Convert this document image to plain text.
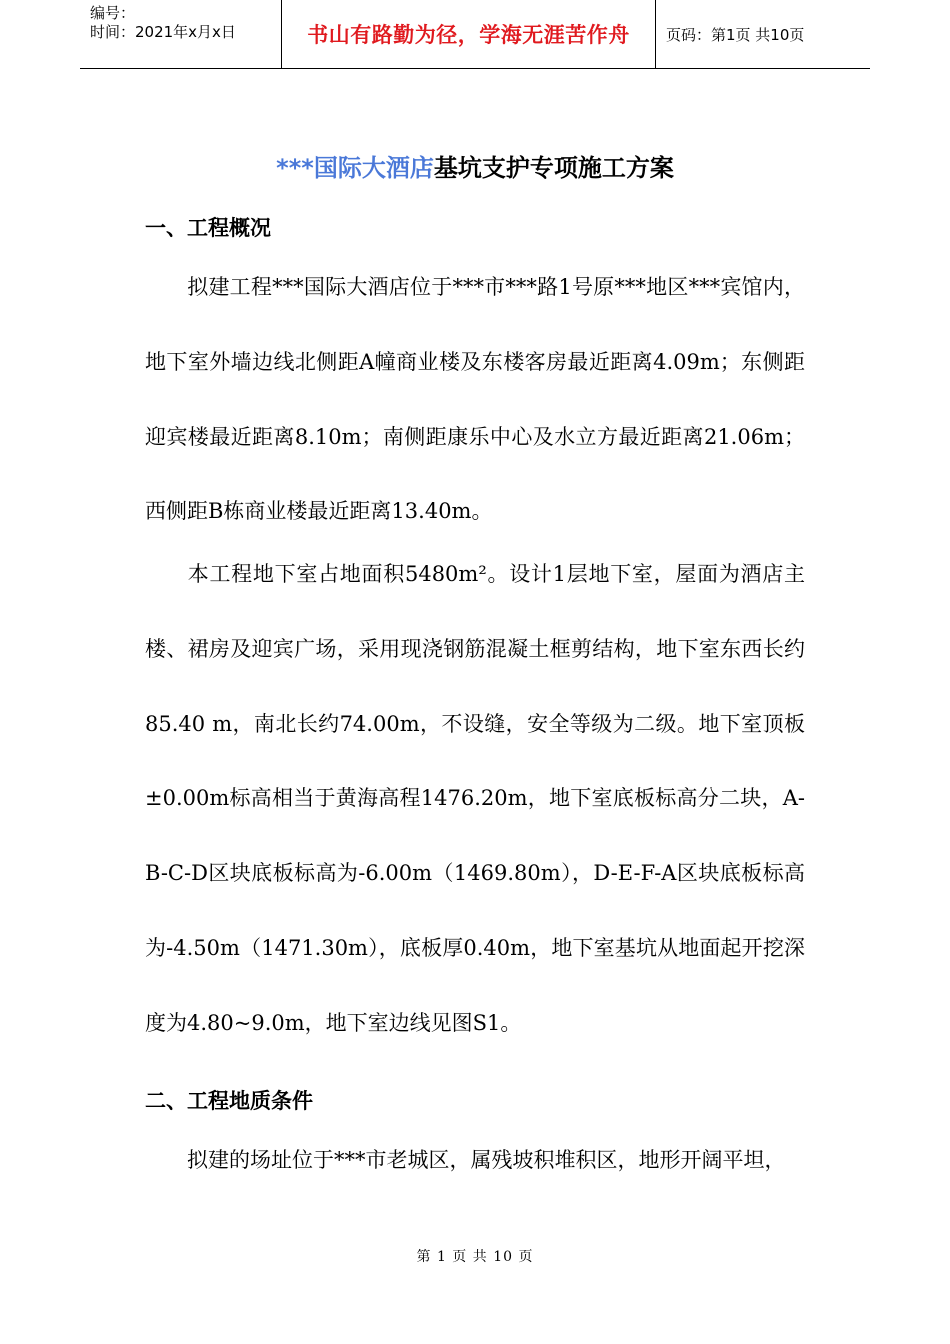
编号：
时间：2021年x月x日	书山有路勤为径，学海无涯苦作舟	页码：第1页 共10页
***国际大酒店基坑支护专项施工方案
一、工程概况

拟建工程***国际大酒店位于***市***路1号原***地区***宾馆内，地下室外墙边线北侧距A幢商业楼及东楼客房最近距离4.09m；东侧距迎宾楼最近距离8.10m；南侧距康乐中心及水立方最近距离21.06m；西侧距B栋商业楼最近距离13.40m。

本工程地下室占地面积5480m²。设计1层地下室，屋面为酒店主楼、裙房及迎宾广场，采用现浇钢筋混凝土框剪结构，地下室东西长约85.40 m，南北长约74.00m，不设缝，安全等级为二级。地下室顶板±0.00m标高相当于黄海高程1476.20m，地下室底板标高分二块，A-B-C-D区块底板标高为-6.00m（1469.80m），D-E-F-A区块底板标高为-4.50m（1471.30m），底板厚0.40m，地下室基坑从地面起开挖深度为4.80~9.0m，地下室边线见图S1。

二、工程地质条件

拟建的场址位于***市老城区，属残坡积堆积区，地形开阔平坦，

第 1 页 共 10 页
